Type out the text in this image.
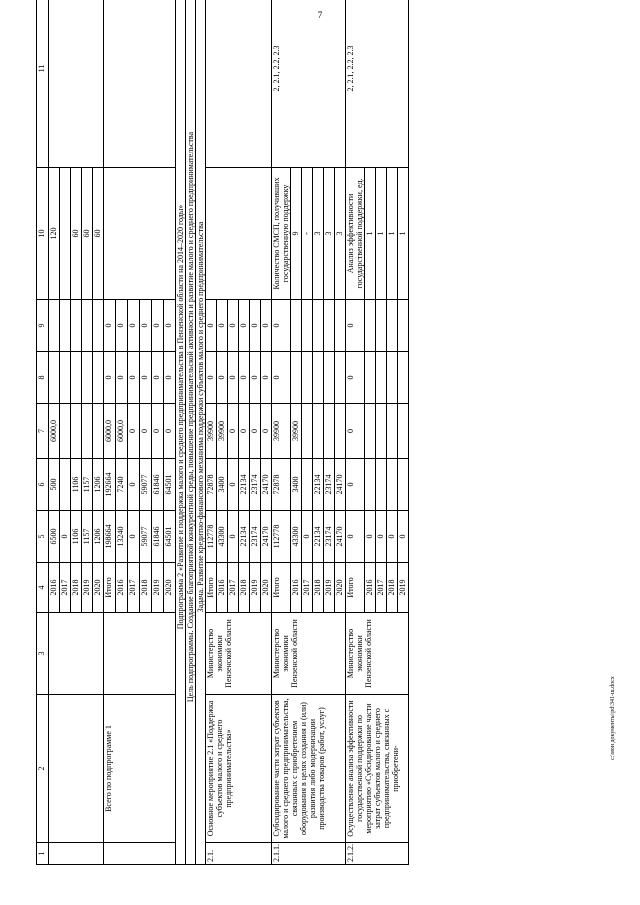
7
1	2	3	4	5	6	7	8	9	10	11
			2016	6500	500	6000,0			120	
			2017	0						
			2018	1106	1106				60	
			2019	1157	1157				60	
			2020	1206	1206				60	
	Всего по подпрограмме 1		Итого	198664	192664	6000,0	0	0		
			2016	13240	7240	6000,0	0	0		
			2017	0	0	0	0	0		
			2018	59077	59077	0	0	0		
			2019	61846	61846	0	0	0		
			2020	64501	64501	0	0	0		
Подпрограмма 2 «Развитие и поддержка малого и среднего предпринимательства в Пензенской области на 2014–2020 годы»										
Цель подпрограммы. Создание благоприятной конкурентной среды, повышение предпринимательской активности и развитие малого и среднего предпринимательства										
Задача. Развитие кредитно-финансового механизма поддержки субъектов малого и среднего предпринимательства										
2.1.	Основное мероприятие 2.1 «Поддержка субъектов малого и среднего предпринимательства»	Министерство экономики Пензенской области	Итого	112778	72878	39900	0	0		
			2016	43300	3400	39900	0	0		
			2017	0	0	0	0	0		
			2018	22134	22134	0	0	0		
			2019	23174	23174	0	0	0		
			2020	24170	24170	0	0	0		
2.1.1.	Субсидирование части затрат субъектов малого и среднего предпринимательства, связанных с приобретением оборудования в целях создания и (или) развития либо модернизации производства товаров (работ, услуг)	Министерство экономики Пензенской области	Итого	112778	72878	39900	0	0	Количество СМСП, получивших государственную поддержку	2, 2.1, 2.2, 2.3
			2016	43300	3400	39900			9	
			2017	0					-	
			2018	22134	22134				3	
			2019	23174	23174				3	
			2020	24170	24170				3	
2.1.2.	Осуществление анализа эффективности государственной поддержки по мероприятию «Субсидирование части затрат субъектов малого и среднего предпринимательства, связанных с приобретени-	Министерство экономики Пензенской области	Итого	0	0	0	0	0	Анализ эффективности государственной поддержки, ед.	2, 2.1, 2.2, 2.3
			2016	0					1	
			2017	0					1	
			2018	0					1	
			2019	0					1	
c:\мои документы\pd\341-ш.docx
